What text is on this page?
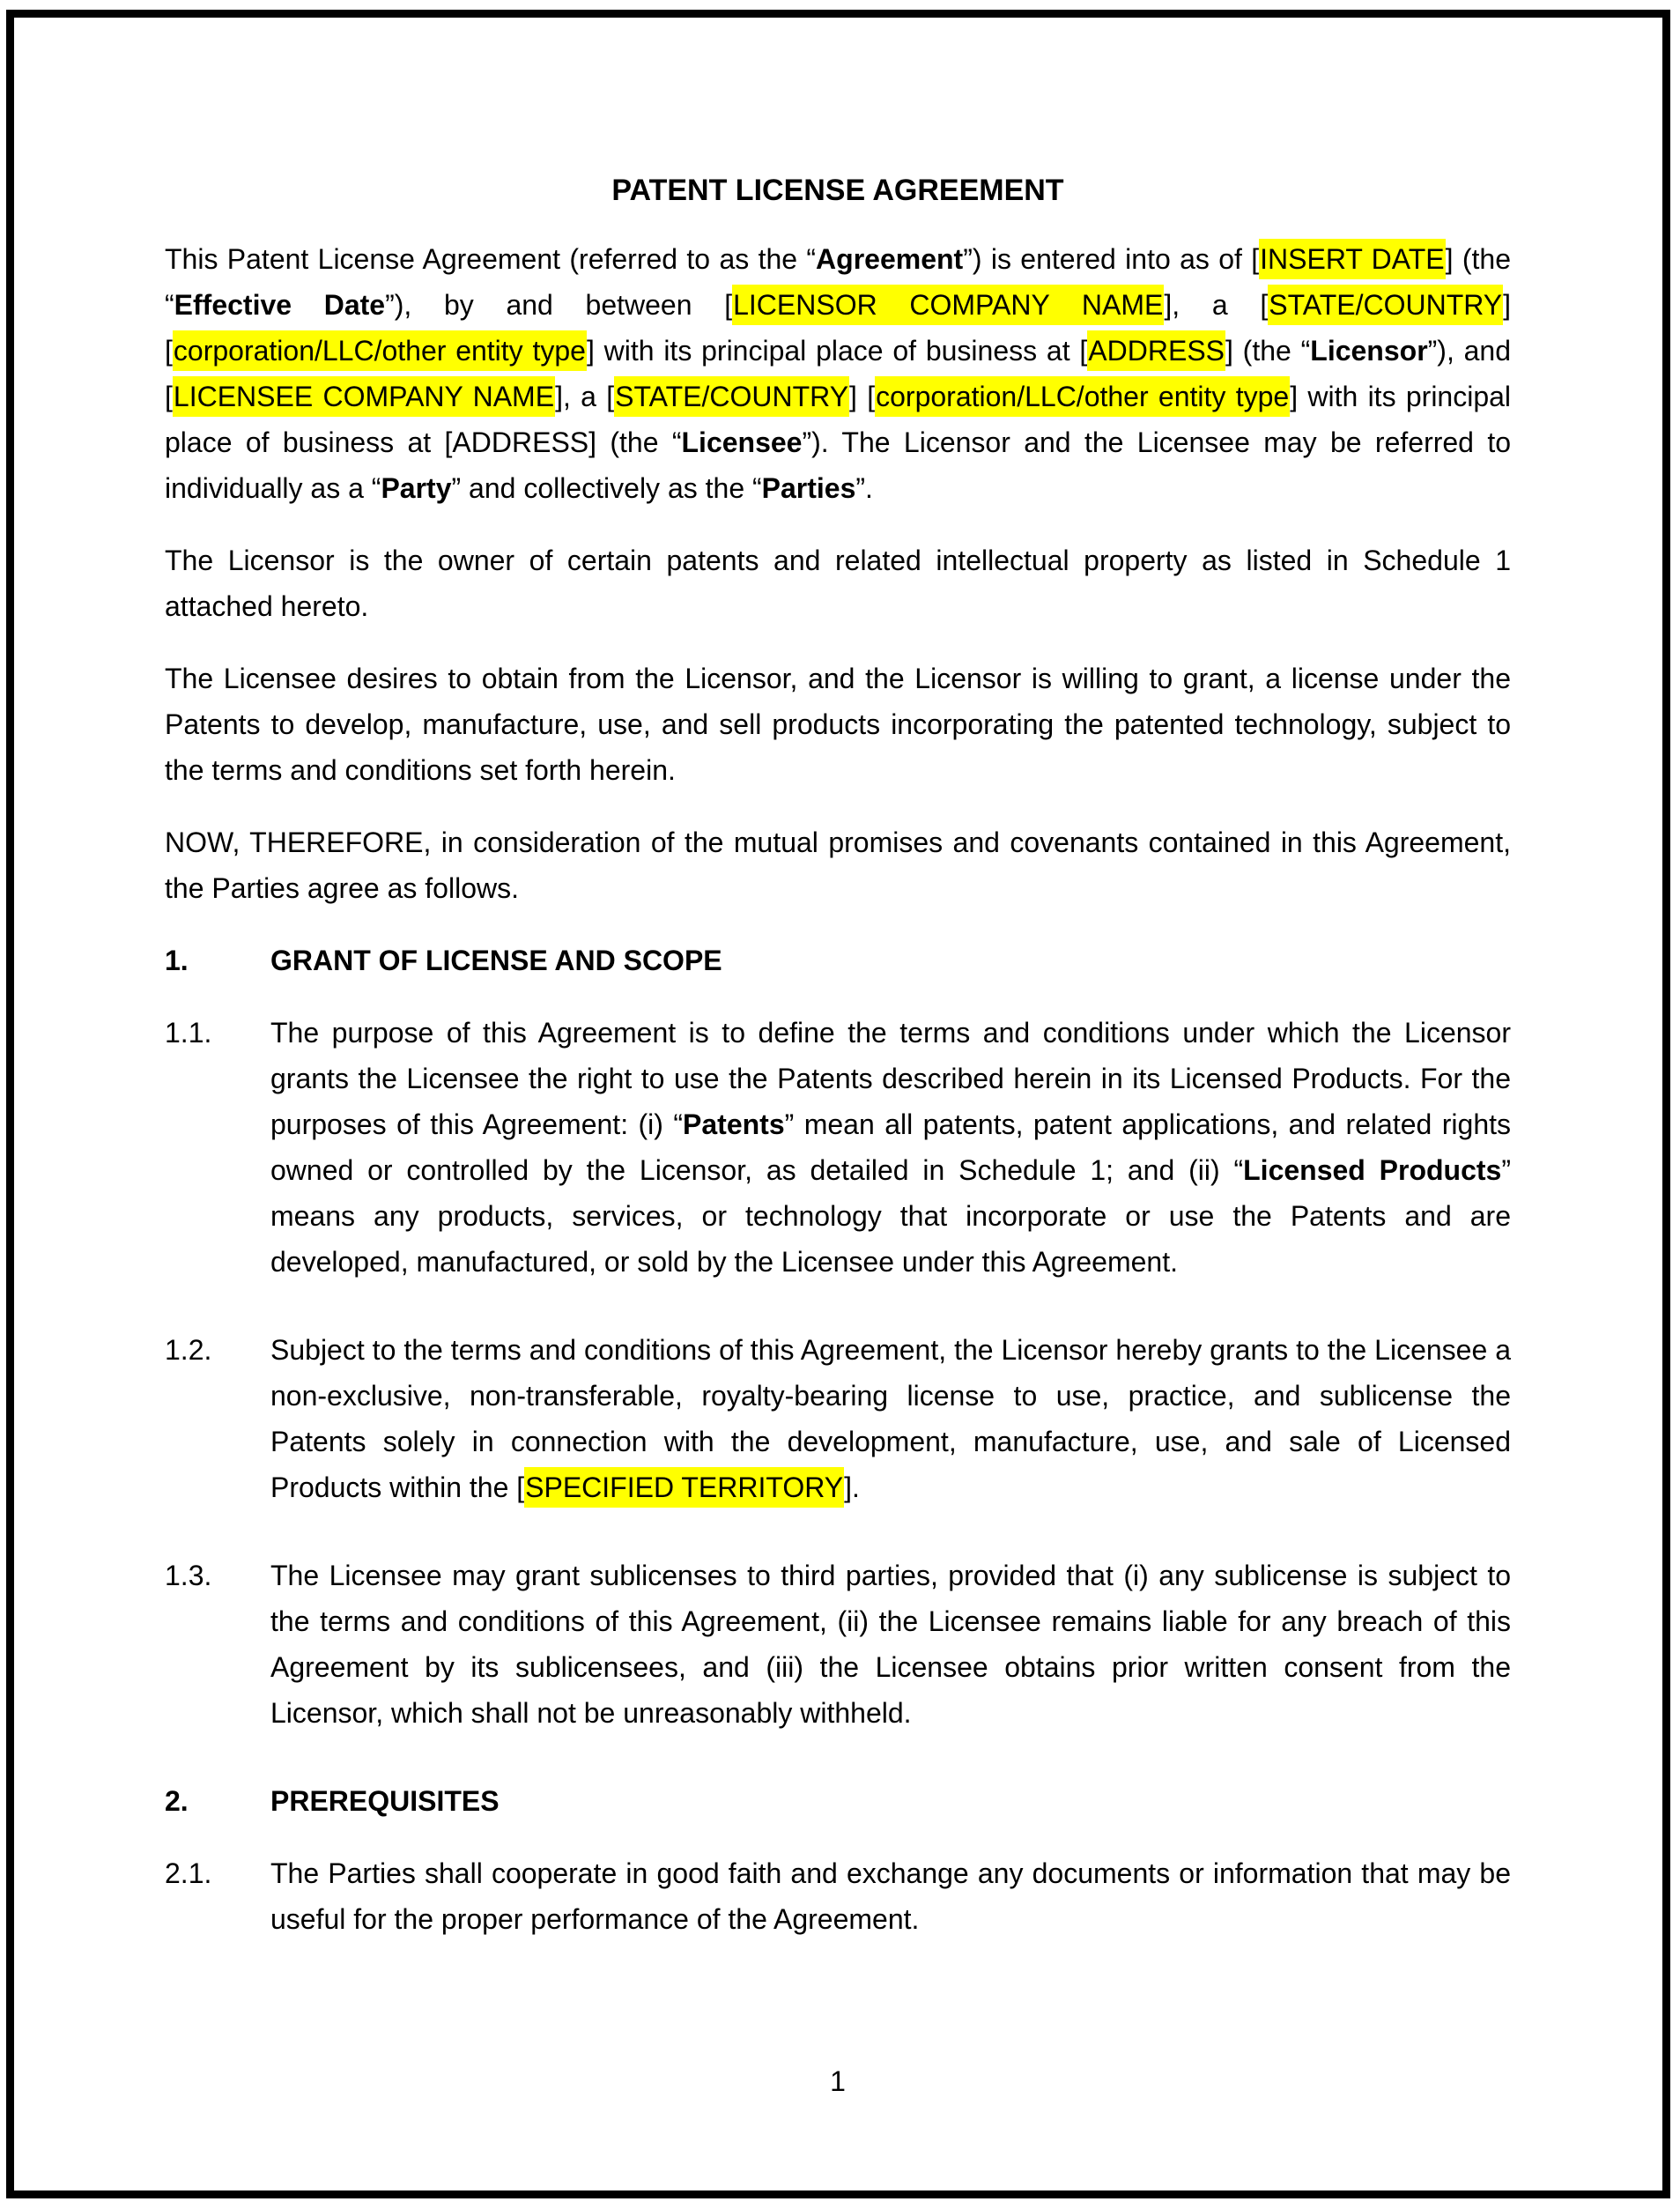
PATENT LICENSE AGREEMENT
This Patent License Agreement (referred to as the “Agreement”) is entered into as of [INSERT DATE] (the “Effective Date”), by and between [LICENSOR COMPANY NAME], a [STATE/COUNTRY] [corporation/LLC/other entity type] with its principal place of business at [ADDRESS] (the “Licensor”), and [LICENSEE COMPANY NAME], a [STATE/COUNTRY] [corporation/LLC/other entity type] with its principal place of business at [ADDRESS] (the “Licensee”). The Licensor and the Licensee may be referred to individually as a “Party” and collectively as the “Parties”.
The Licensor is the owner of certain patents and related intellectual property as listed in Schedule 1 attached hereto.
The Licensee desires to obtain from the Licensor, and the Licensor is willing to grant, a license under the Patents to develop, manufacture, use, and sell products incorporating the patented technology, subject to the terms and conditions set forth herein.
NOW, THEREFORE, in consideration of the mutual promises and covenants contained in this Agreement, the Parties agree as follows.
1.	GRANT OF LICENSE AND SCOPE
1.1. The purpose of this Agreement is to define the terms and conditions under which the Licensor grants the Licensee the right to use the Patents described herein in its Licensed Products. For the purposes of this Agreement: (i) “Patents” mean all patents, patent applications, and related rights owned or controlled by the Licensor, as detailed in Schedule 1; and (ii) “Licensed Products” means any products, services, or technology that incorporate or use the Patents and are developed, manufactured, or sold by the Licensee under this Agreement.
1.2. Subject to the terms and conditions of this Agreement, the Licensor hereby grants to the Licensee a non-exclusive, non-transferable, royalty-bearing license to use, practice, and sublicense the Patents solely in connection with the development, manufacture, use, and sale of Licensed Products within the [SPECIFIED TERRITORY].
1.3. The Licensee may grant sublicenses to third parties, provided that (i) any sublicense is subject to the terms and conditions of this Agreement, (ii) the Licensee remains liable for any breach of this Agreement by its sublicensees, and (iii) the Licensee obtains prior written consent from the Licensor, which shall not be unreasonably withheld.
2.	PREREQUISITES
2.1. The Parties shall cooperate in good faith and exchange any documents or information that may be useful for the proper performance of the Agreement.
1
